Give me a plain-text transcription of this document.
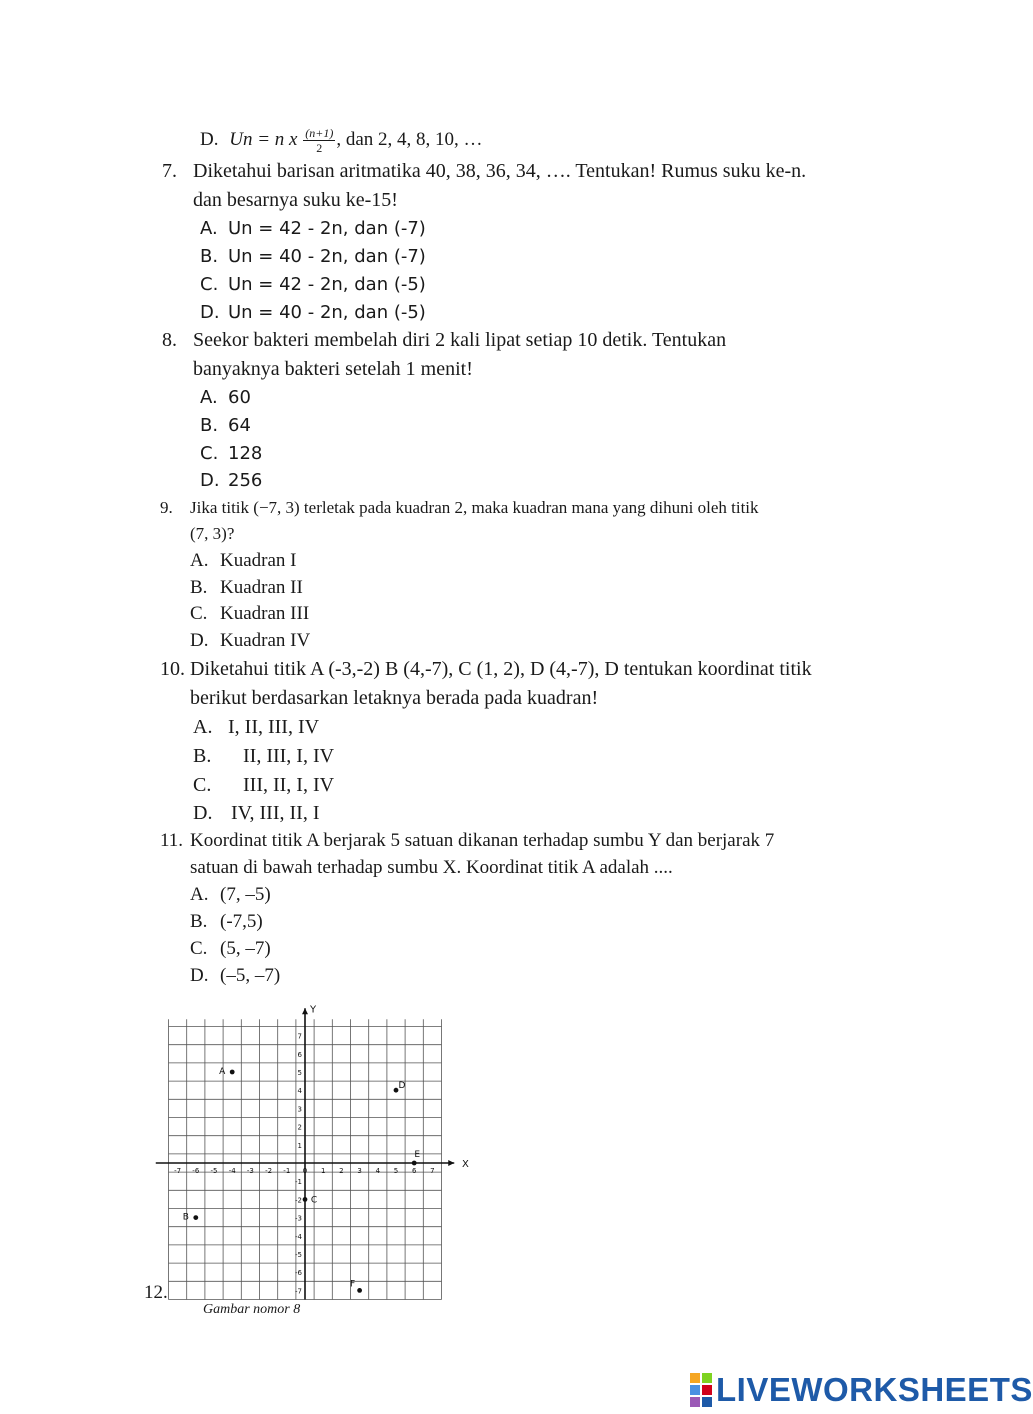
D. Un = n x $\frac{(n+1)}{2}$ , dan 2, 4, 8, 10, …
7. Diketahui barisan aritmatika 40, 38, 36, 34, …. Tentukan! Rumus suku ke-n.
dan besarnya suku ke-15!
A. Un = 42 - 2n, dan (-7)
B. Un = 40 - 2n, dan (-7)
C. Un = 42 - 2n, dan (-5)
D. Un = 40 - 2n, dan (-5)
8. Seekor bakteri membelah diri 2 kali lipat setiap 10 detik. Tentukan
banyaknya bakteri setelah 1 menit!
A. 60
B. 64
C. 128
D. 256
9. Jika titik (−7, 3) terletak pada kuadran 2, maka kuadran mana yang dihuni oleh titik
(7, 3)?
A. Kuadran I
B. Kuadran II
C. Kuadran III
D. Kuadran IV
10. Diketahui titik A (-3,-2) B (4,-7), C (1, 2), D (4,-7), D tentukan koordinat titik
berikut berdasarkan letaknya berada pada kuadran!
A. I, II, III, IV
B. II, III, I, IV
C. III, II, I, IV
D. IV, III, II, I
11. Koordinat titik A berjarak 5 satuan dikanan terhadap sumbu Y dan berjarak 7
satuan di bawah terhadap sumbu X. Koordinat titik A adalah ....
A. (7, –5)
B. (-7,5)
C. (5, –7)
D. (–5, –7)
12.
X
Y
-7 -6 -5 -4 -3 -2 -1 0 1 2 3 4 5 6 7
7
6
5
4
3
2
1
-1
-2
-3
-4
-5
-6
-7
A
D
E
C
B
F
Gambar nomor 8
LIVEWORKSHEETS
